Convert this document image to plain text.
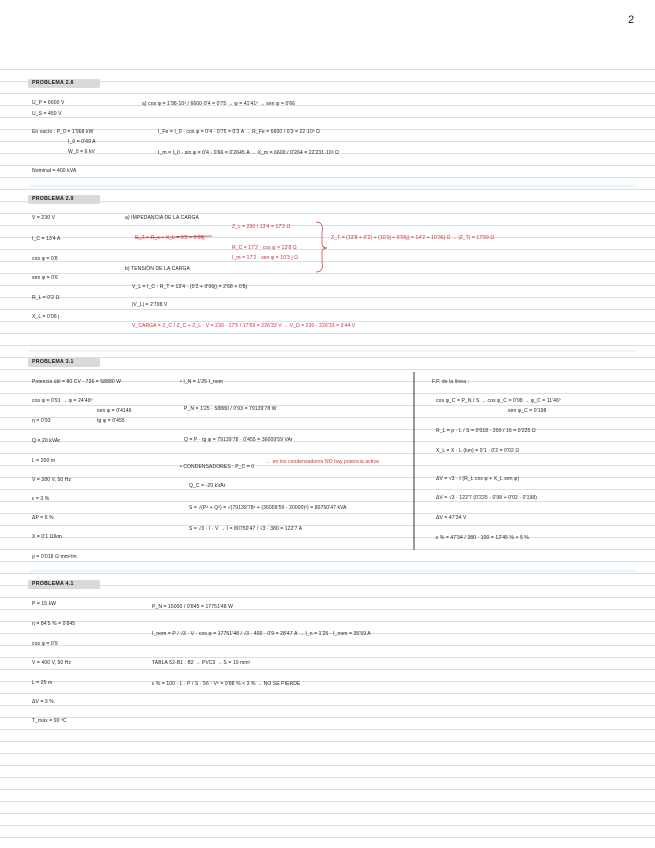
2
PROBLEMA 2.8
U_P = 6600 V
U_S = 450 V
En vacío : P_0 = 1'968 kW
I_0 = 0'49 A
W_0 = 6 kV
Nominal = 400 kVA
a) cos φ = 1'98·10³ / 6600·0'4 = 0'75 → φ = 41'41º → sen φ = 0'66
I_Fe = I_0 · cos φ = 0'4 · 0'75 = 0'3 A → R_Fe = 6600 / 0'3 = 22·10³ Ω
I_m = I_0 · sin φ = 0'4 · 0'66 = 0'2645 A → X_m = 6600 / 0'264 = 22'231·10³ Ω
PROBLEMA 2.9
V = 230 V
I_C = 13'4 A
cos φ = 0'8
sen φ = 0'6
R_L = 0'2 Ω
X_L = 0'06 j
a) IMPEDANCIA DE LA CARGA
R_T = R_c + X_L = 0'2 + 0'06j
b) TENSIÓN DE LA CARGA
V_L = I_C · R_T = 13'4 · (0'2 + 0'06j) = 2'68 + 0'8j
|V_L| = 2'798 V
V_CARGA = Z_C / Z_C + Z_L · V = 230 · 17'5 / 17'69 = 226'33 V → V_D = 230 - 226'33 = 3'44 V
Z_c = 230 / 13'4 = 17'2 Ω
R_C = 17'2 · cos φ = 13'8 Ω
I_m = 17'2 · sen φ = 10'3 j Ω
Z_T = (13'8 + 0'2) + (10'3j + 0'06j) = 14'2 + 10'36j Ω → |Z_T| = 17'69 Ω
PROBLEMA 3.1
Potencia útil = 80 CV · 736 = 58880 W
cos φ = 0'91 → φ = 24'49º
sen φ = 0'4146
η = 0'93	tg φ = 0'455
Q = 20 kVAr
L = 200 m
V = 380 V, 50 Hz
ε = 3 %
ΔP = 6 %
X = 0'1 Ω/km
ρ = 0'018 Ω·mm²/m
• I_N = 1'25 I_nom
P_N = 1'25 · 58880 / 0'93 = 79139'78 W
Q = P · tg φ = 79139'78 · 0'455 = 36009'59 VAr
• CONDENSADORES : P_C = 0
← en los condensadores NO hay potencia activa
Q_C = -20 kVAr
S = √(P² + Q²) = √(79139'78² + (36009'59 - 20000)²) = 80750'47 kVA
S = √3 · I · V → I = 80750'47 / √3 · 380 = 122'7 A
F.P. de la línea :
cos φ_C = P_N / S → cos φ_C = 0'98 → φ_C = 11'46º
sen φ_C = 0'198
R_L = ρ · L / S = 0'018 · 200 / 16 = 0'225 Ω
X_L = X · L (km) = 0'1 · 0'2 = 0'02 Ω
ΔV = √3 · I (R_L cos φ + X_L sen φ)
ΔV = √3 · 122'7 (0'225 · 0'98 + 0'02 · 0'198)
ΔV = 47'34 V
ε % = 47'34 / 380 · 100 = 12'45 % > 5 %
PROBLEMA 4.1
P = 15 kW
η = 84'5 % = 0'845
cos φ = 0'9
V = 400 V, 50 Hz
L = 25 m
ΔV = 3 %
T_máx = 90 ºC
P_N = 15000 / 0'845 = 17751'48 W
I_nom = P / √3 · V · cos φ = 17751'48 / √3 · 400 · 0'9 = 28'47 A → I_n = 1'25 · I_nom = 35'59 A
TABLA 52-B1 : B2 → PVC3 → S = 10 mm²
ε % = 100 · L · P / S · 56 · V² = 0'88 % < 3 % → NO SE PIERDE
